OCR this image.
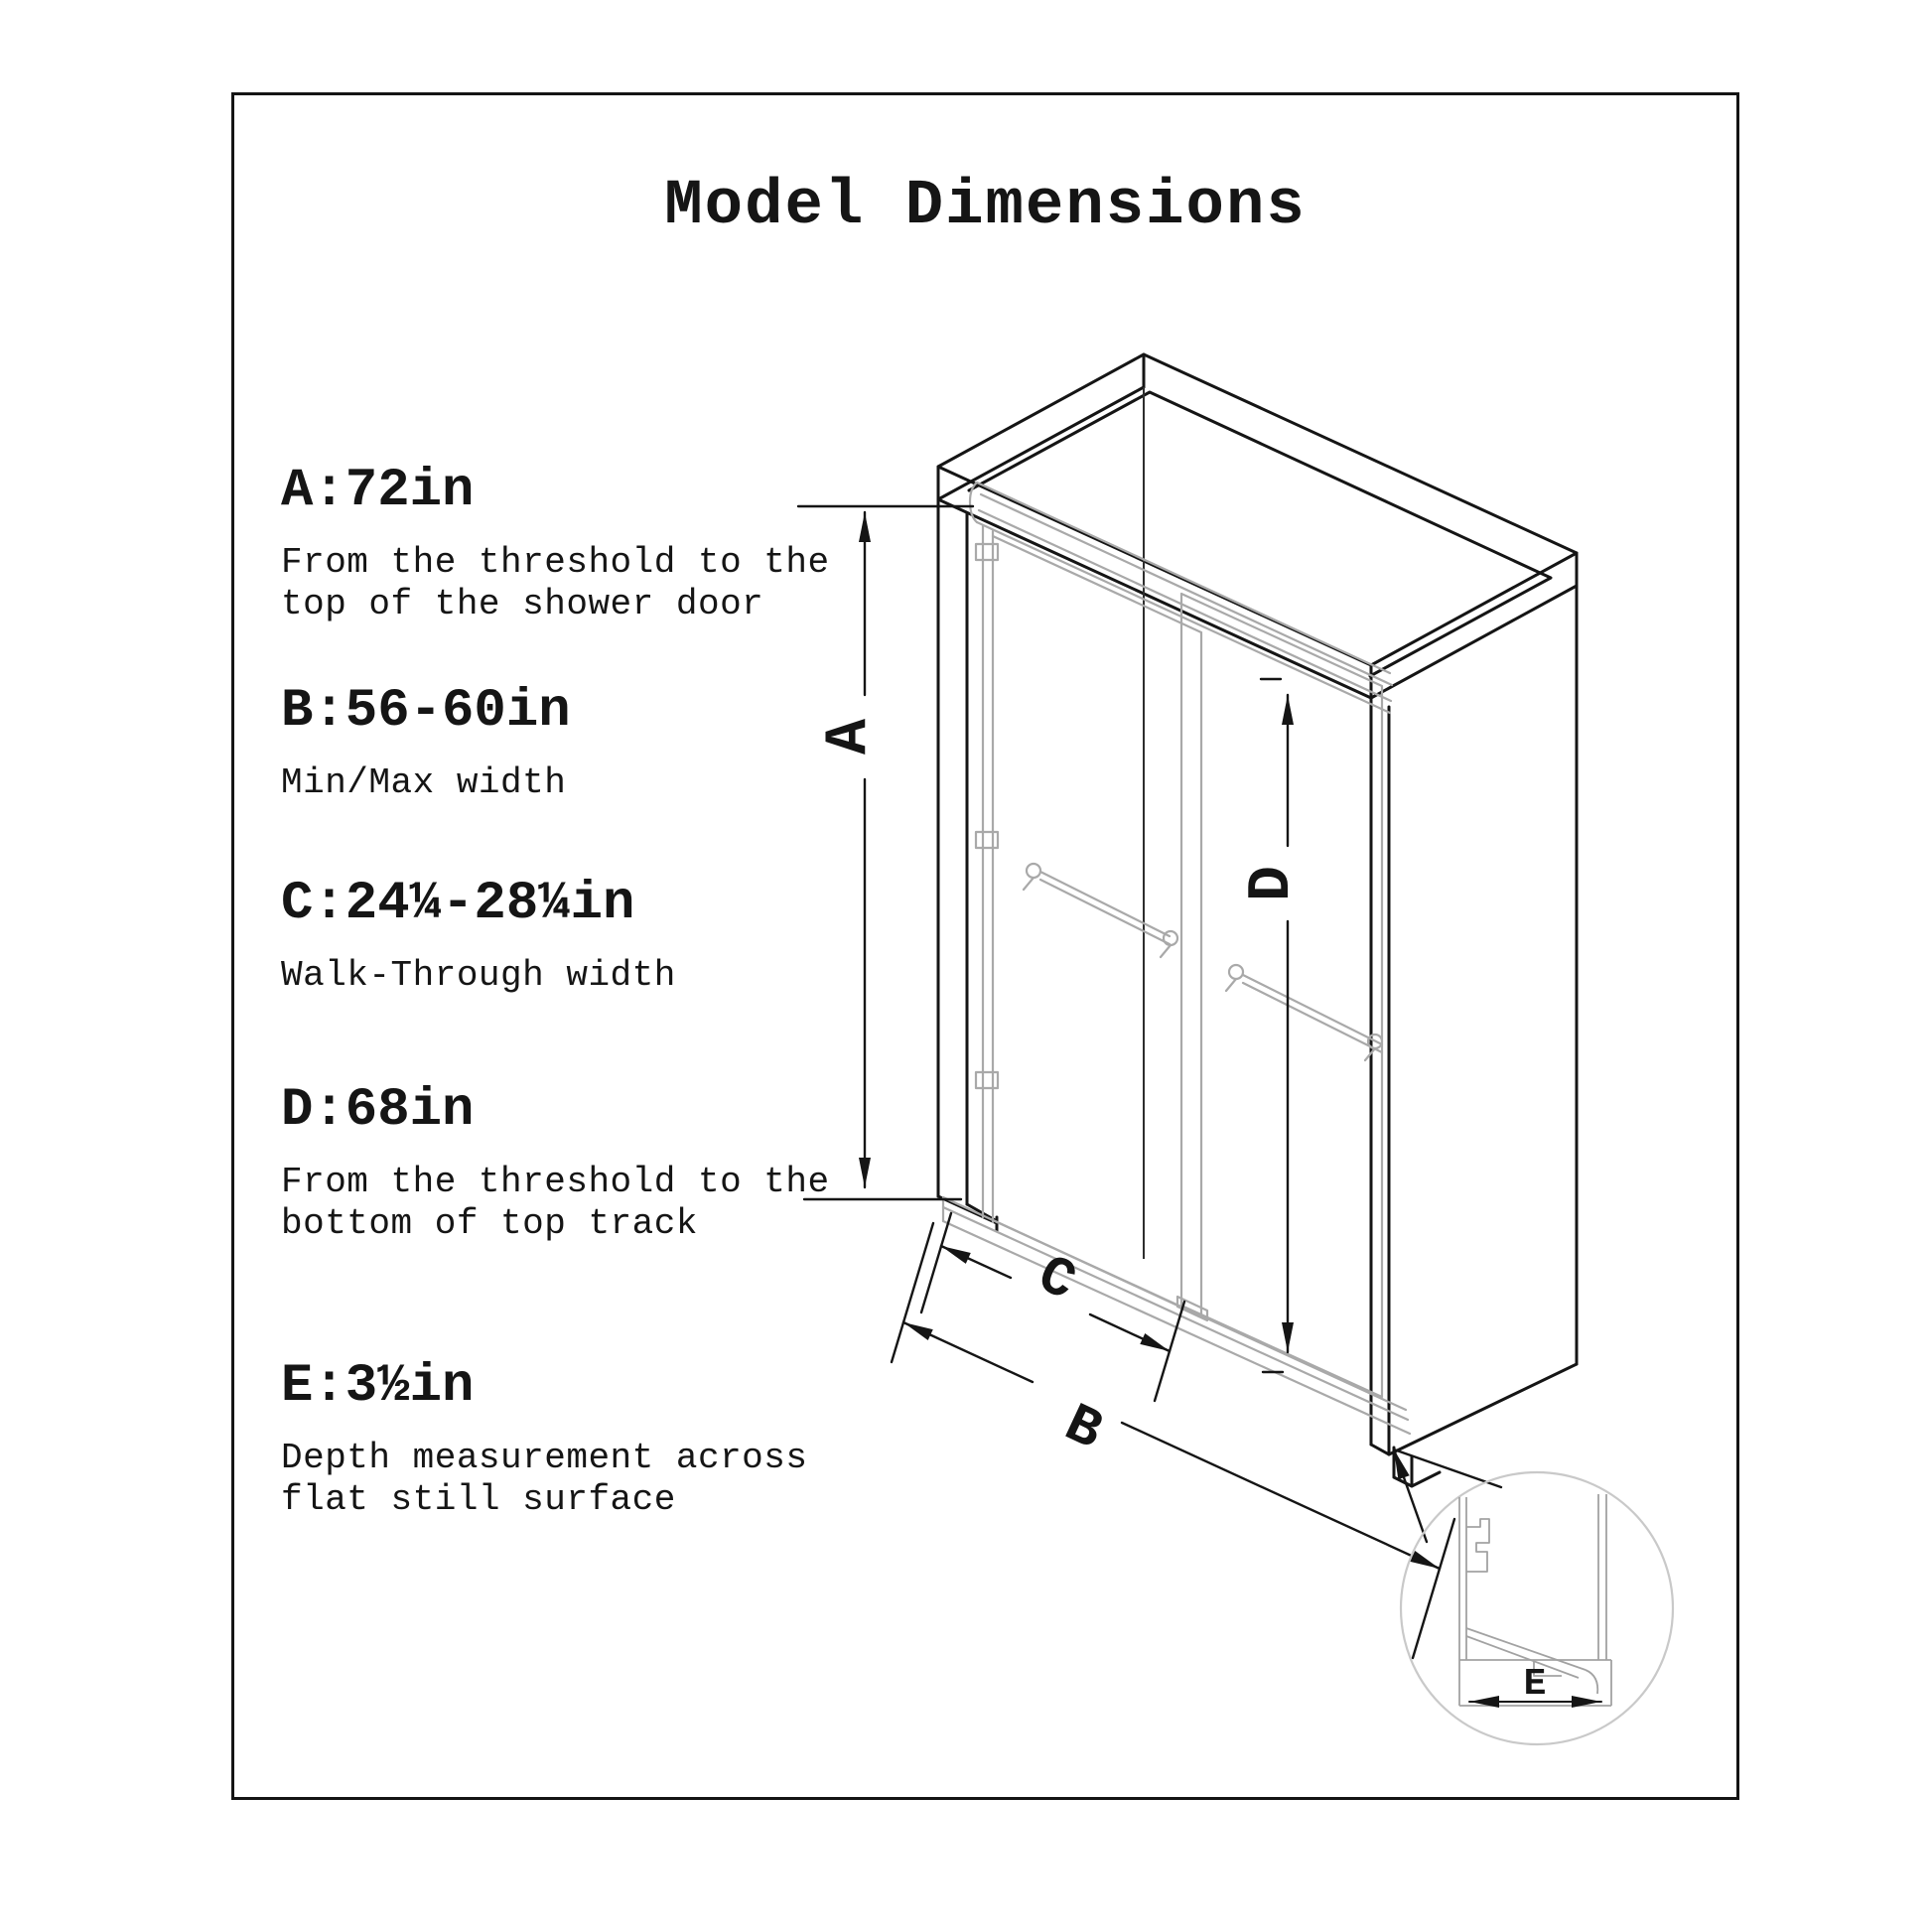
Model Dimensions
A:72in
From the threshold to the
top of the shower door
B:56-60in
Min/Max width
C:24¼-28¼in
Walk-Through width
D:68in
From the threshold to the
bottom of top track
E:3½in
Depth measurement across
flat still surface
A
D
C
B
E
